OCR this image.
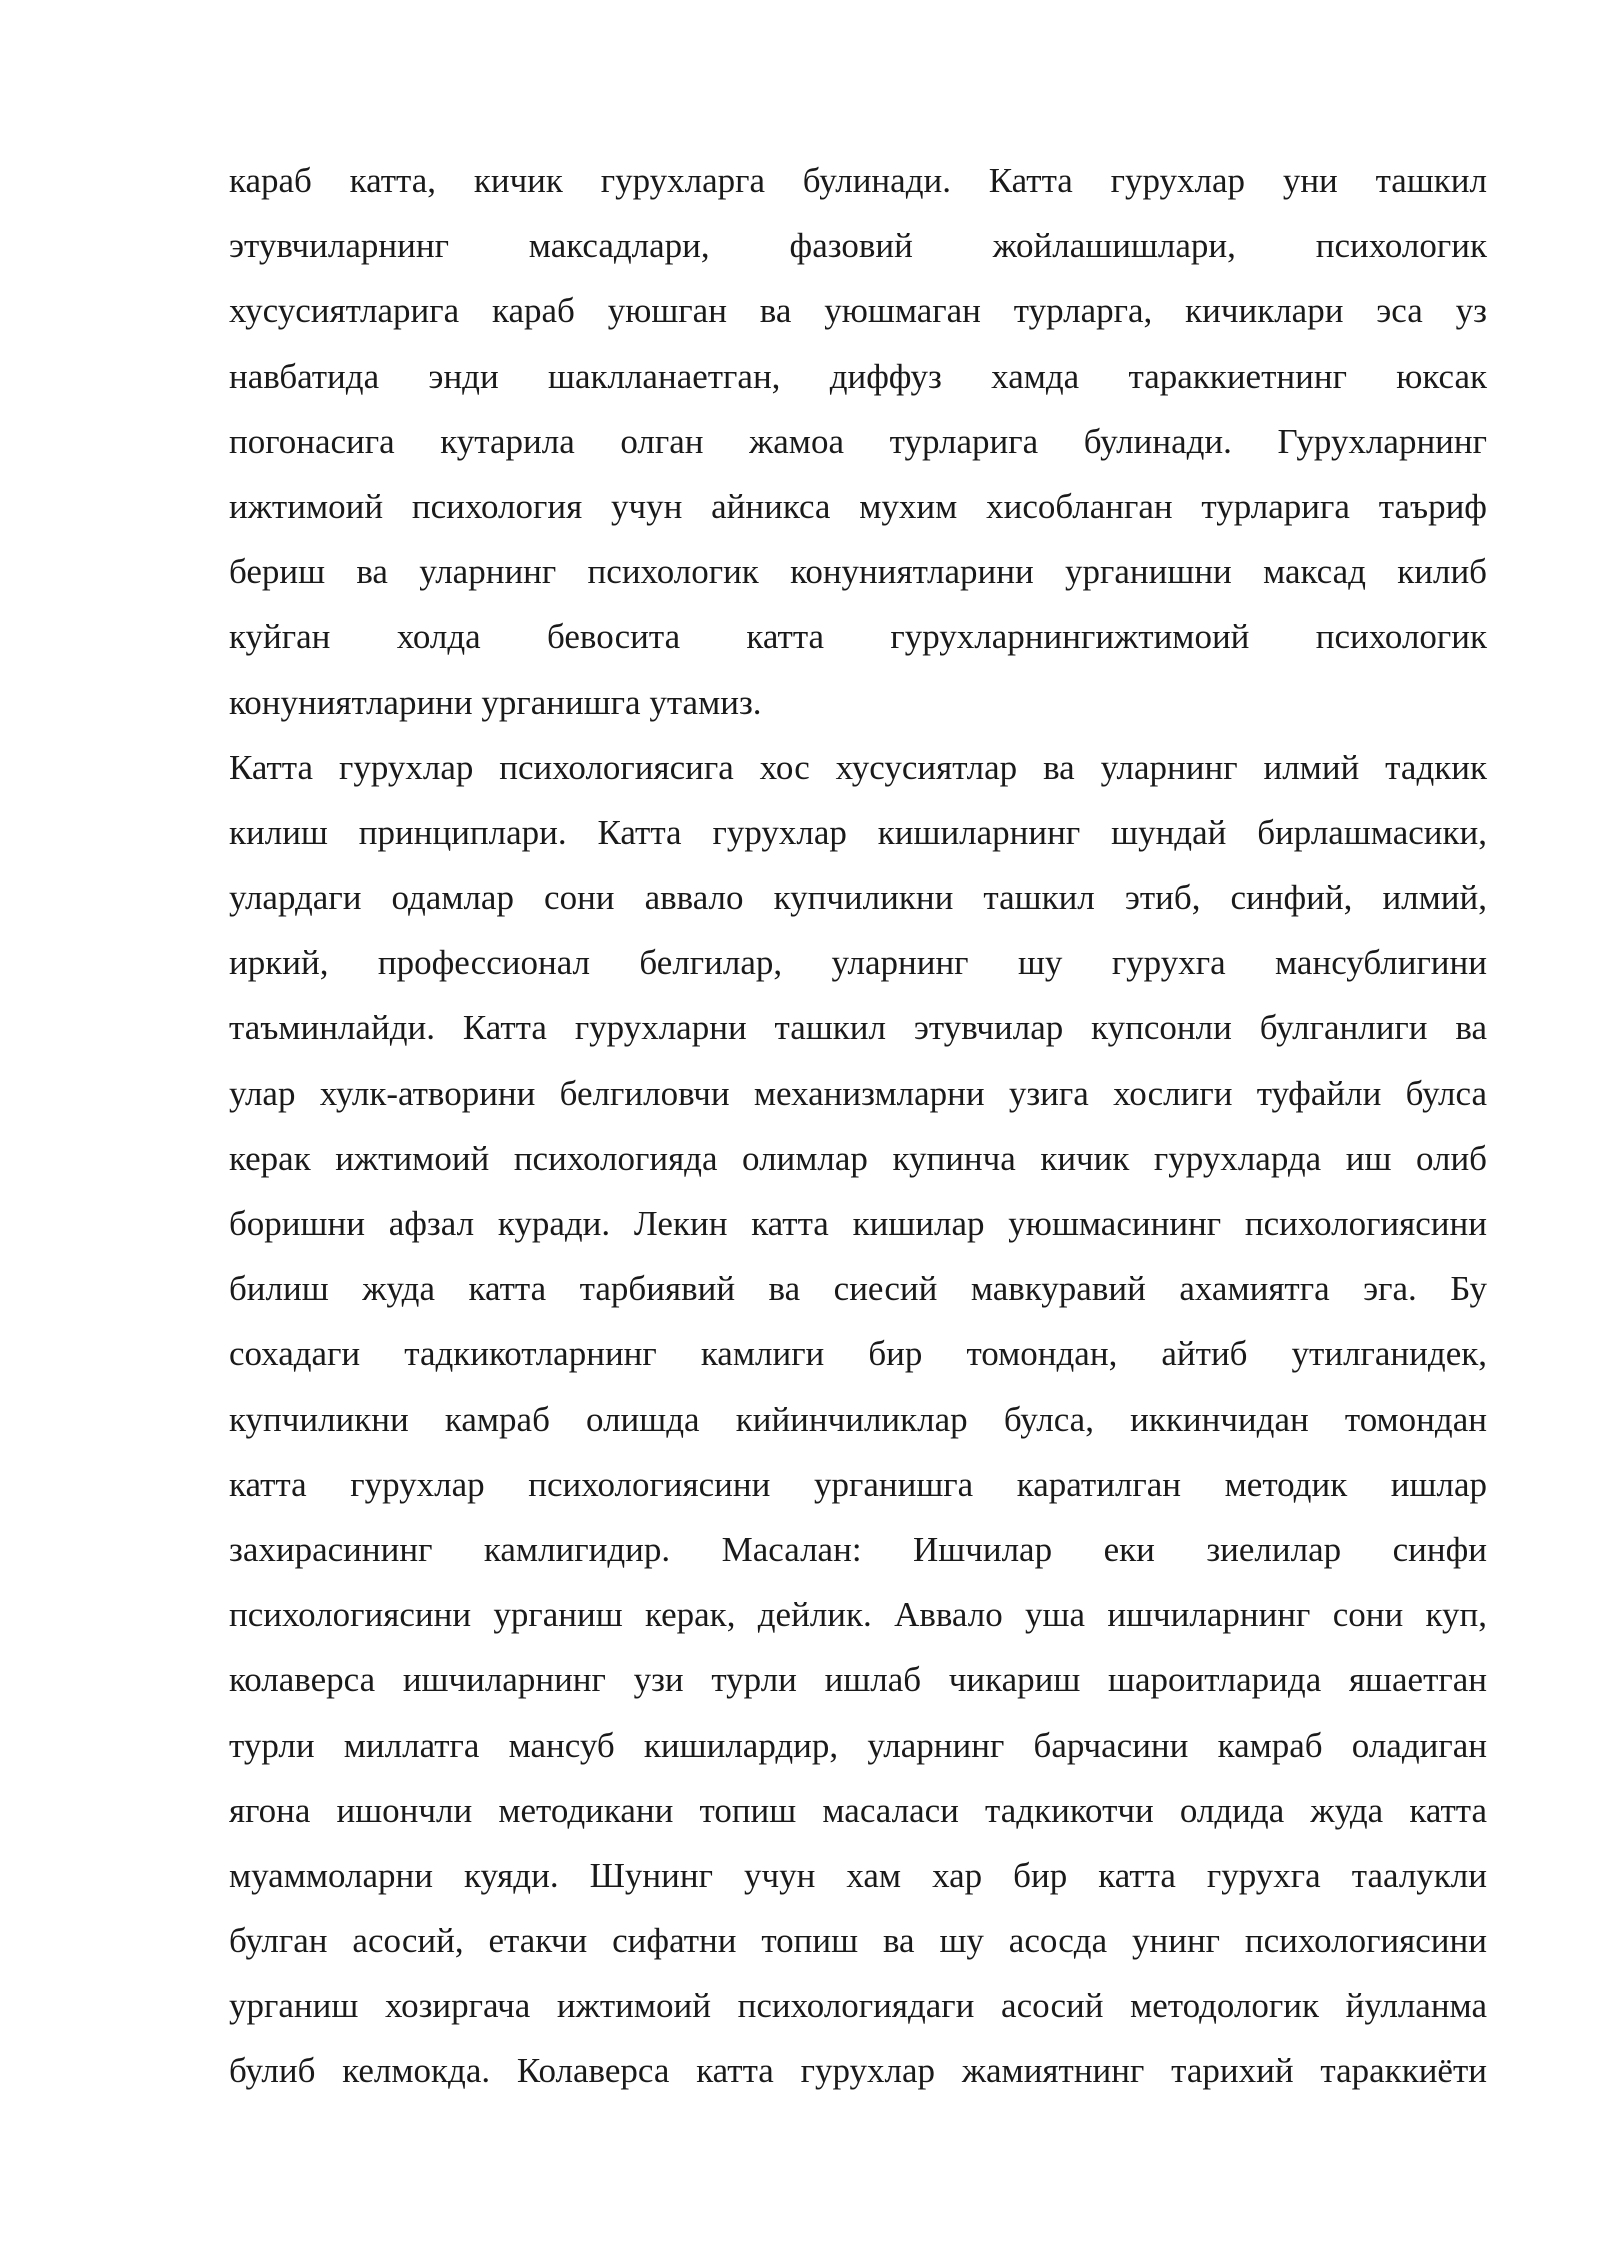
караб катта, кичик гурухларга булинади. Катта гурухлар уни ташкил
этувчиларнинг максадлари, фазовий жойлашишлари, психологик
хусусиятларига караб уюшган ва уюшмаган турларга, кичиклари эса уз
навбатида энди шаклланаетган, диффуз хамда тараккиетнинг юксак
погонасига кутарила олган жамоа турларига булинади. Гурухларнинг
ижтимоий психология учун айникса мухим хисобланган турларига таъриф
бериш ва уларнинг психологик конуниятларини урганишни максад килиб
куйган холда бевосита катта гурухларнингижтимоий психологик
конуниятларини урганишга утамиз.
Катта гурухлар психологиясига хос хусусиятлар ва уларнинг илмий тадкик
килиш принциплари. Катта гурухлар кишиларнинг шундай бирлашмасики,
улардаги одамлар сони аввало купчиликни ташкил этиб, синфий, илмий,
иркий, профессионал белгилар, уларнинг шу гурухга мансублигини
таъминлайди. Катта гурухларни ташкил этувчилар купсонли булганлиги ва
улар хулк-атворини белгиловчи механизмларни узига хослиги туфайли булса
керак ижтимоий психологияда олимлар купинча кичик гурухларда иш олиб
боришни афзал куради. Лекин катта кишилар уюшмасининг психологиясини
билиш жуда катта тарбиявий ва сиесий мавкуравий ахамиятга эга. Бу
сохадаги тадкикотларнинг камлиги бир томондан, айтиб утилганидек,
купчиликни камраб олишда кийинчиликлар булса, иккинчидан томондан
катта гурухлар психологиясини урганишга каратилган методик ишлар
захирасининг камлигидир. Масалан: Ишчилар еки зиелилар синфи
психологиясини урганиш керак, дейлик. Аввало уша ишчиларнинг сони куп,
колаверса ишчиларнинг узи турли ишлаб чикариш шароитларида яшаетган
турли миллатга мансуб кишилардир, уларнинг барчасини камраб оладиган
ягона ишончли методикани топиш масаласи тадкикотчи олдида жуда катта
муаммоларни куяди. Шунинг учун хам хар бир катта гурухга таалукли
булган асосий, етакчи сифатни топиш ва шу асосда унинг психологиясини
урганиш хозиргача ижтимоий психологиядаги асосий методологик йулланма
булиб келмокда. Колаверса катта гурухлар жамиятнинг тарихий тараккиёти
